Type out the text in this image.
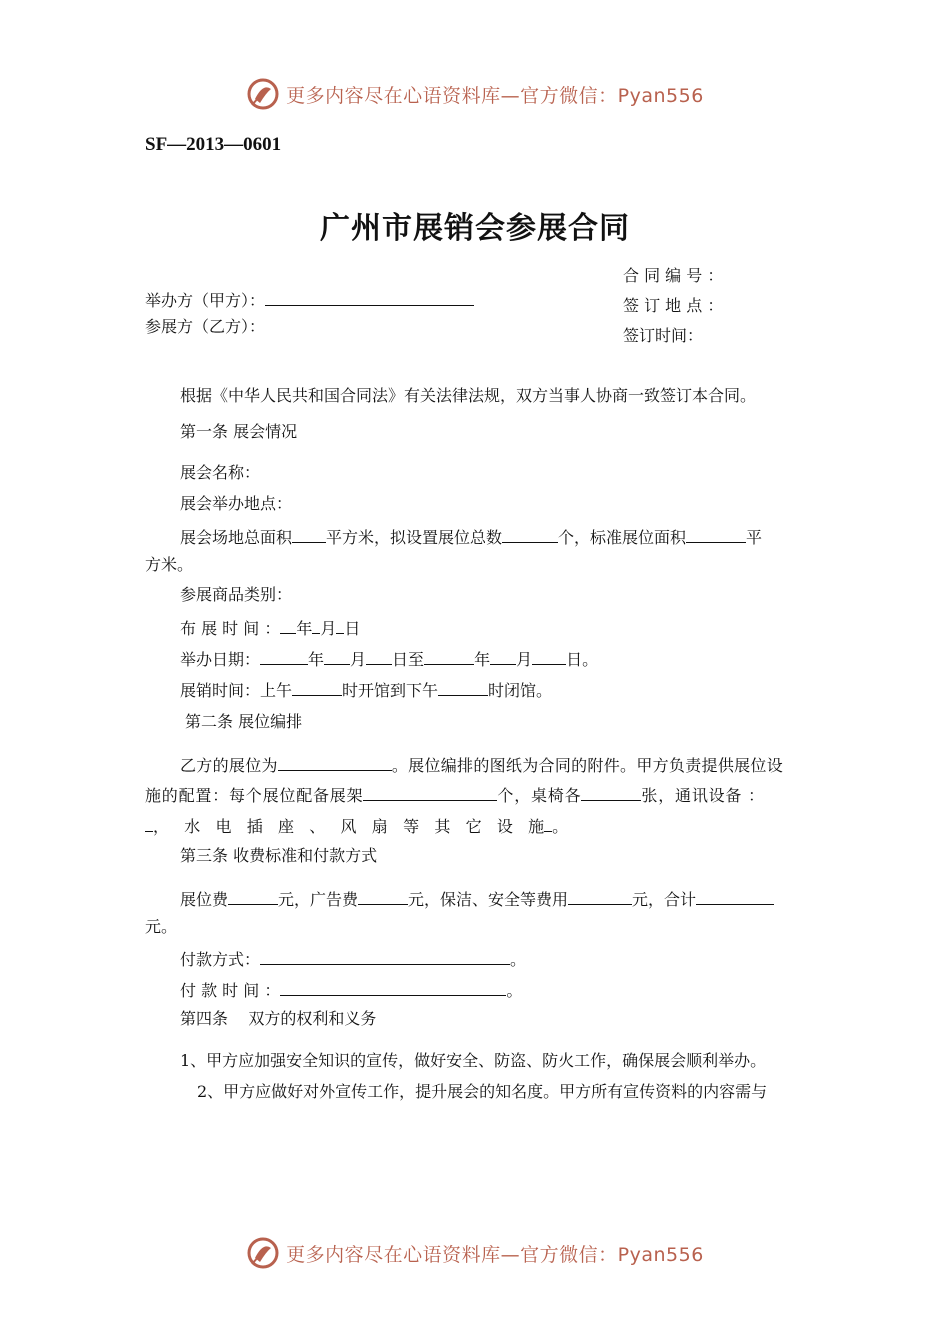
更多内容尽在心语资料库—官方微信：Pyan556
SF—2013—0601
广州市展销会参展合同
合 同 编 号 ：
签 订 地 点 ：
签订时间：
举办方（甲方）：
参展方（乙方）：
根据《中华人民共和国合同法》有关法律法规，双方当事人协商一致签订本合同。
第一条 展会情况
展会名称：
展会举办地点：
展会场地总面积 平方米，拟设置展位总数	个，标准展位面积	平
方米。
参展商品类别：
布 展 时 间 ： 年 月 日
举办日期：	年 月 日至	年 月 日。
展销时间：上午	时开馆到下午	时闭馆。
第二条 展位编排
乙方的展位为	。展位编排的图纸为合同的附件。甲方负责提供展位设
施的配置：每个展位配备展架	个，桌椅各	张，通讯设备 ：
，   水   电   插   座   、   风   扇   等   其   它   设   施 。
第三条 收费标准和付款方式
展位费	元，广告费	元，保洁、安全等费用	元，合计
元。
付款方式：	。
付 款 时 间 ：	。
第四条    双方的权利和义务
1、甲方应加强安全知识的宣传，做好安全、防盗、防火工作，确保展会顺利举办。
2、甲方应做好对外宣传工作，提升展会的知名度。甲方所有宣传资料的内容需与
更多内容尽在心语资料库—官方微信：Pyan556
